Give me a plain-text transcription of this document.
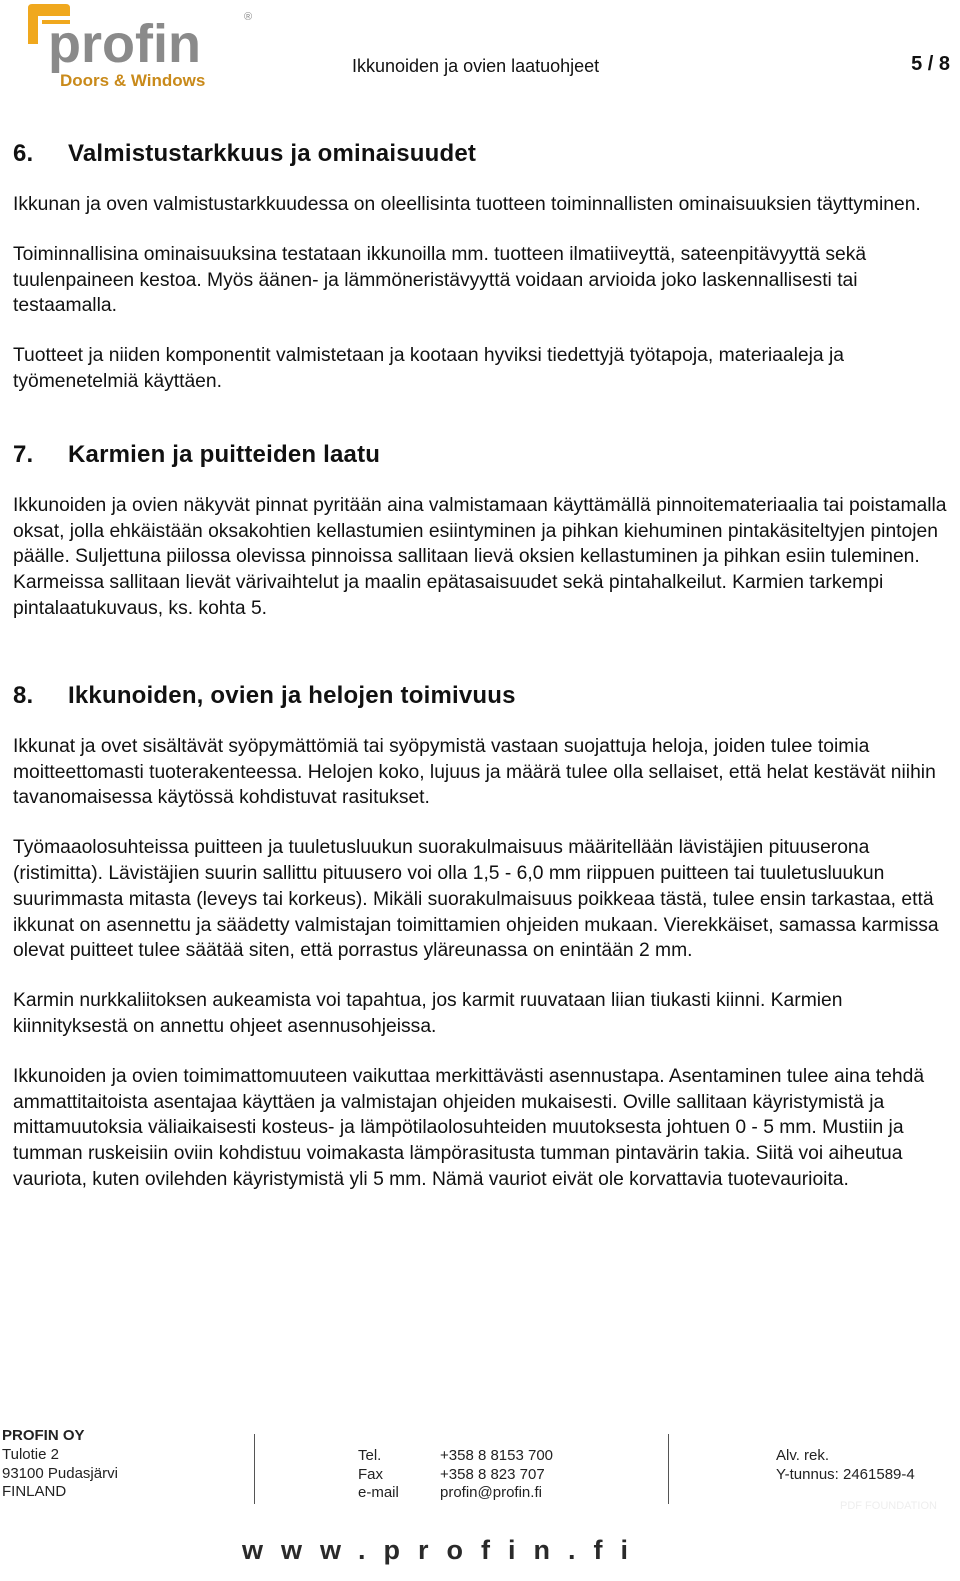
profin	®
Doors & Windows
Ikkunoiden ja ovien laatuohjeet	5 / 8
6. Valmistustarkkuus ja ominaisuudet

Ikkunan ja oven valmistustarkkuudessa on oleellisinta tuotteen toiminnallisten ominaisuuksien täyttyminen.

Toiminnallisina ominaisuuksina testataan ikkunoilla mm. tuotteen ilmatiiveyttä, sateenpitävyyttä sekä tuulenpaineen kestoa. Myös äänen- ja lämmöneristävyyttä voidaan arvioida joko laskennallisesti tai testaamalla.

Tuotteet ja niiden komponentit valmistetaan ja kootaan hyviksi tiedettyjä työtapoja, materiaaleja ja työmenetelmiä käyttäen.

7. Karmien ja puitteiden laatu

Ikkunoiden ja ovien näkyvät pinnat pyritään aina valmistamaan käyttämällä pinnoitemateriaalia tai poistamalla oksat, jolla ehkäistään oksakohtien kellastumien esiintyminen ja pihkan kiehuminen pintakäsiteltyjen pintojen päälle. Suljettuna piilossa olevissa pinnoissa sallitaan lievä oksien kellastuminen ja pihkan esiin tuleminen. Karmeissa sallitaan lievät värivaihtelut ja maalin epätasaisuudet sekä pintahalkeilut. Karmien tarkempi pintalaatukuvaus, ks. kohta 5.

8. Ikkunoiden, ovien ja helojen toimivuus

Ikkunat ja ovet sisältävät syöpymättömiä tai syöpymistä vastaan suojattuja heloja, joiden tulee toimia moitteettomasti tuoterakenteessa. Helojen koko, lujuus ja määrä tulee olla sellaiset, että helat kestävät niihin tavanomaisessa käytössä kohdistuvat rasitukset.

Työmaaolosuhteissa puitteen ja tuuletusluukun suorakulmaisuus määritellään lävistäjien pituuserona (ristimitta). Lävistäjien suurin sallittu pituusero voi olla 1,5 - 6,0 mm riippuen puitteen tai tuuletusluukun suurimmasta mitasta (leveys tai korkeus). Mikäli suorakulmaisuus poikkeaa tästä, tulee ensin tarkastaa, että ikkunat on asennettu ja säädetty valmistajan toimittamien ohjeiden mukaan. Vierekkäiset, samassa karmissa olevat puitteet tulee säätää siten, että porrastus yläreunassa on enintään 2 mm.

Karmin nurkkaliitoksen aukeamista voi tapahtua, jos karmit ruuvataan liian tiukasti kiinni. Karmien kiinnityksestä on annettu ohjeet asennusohjeissa.

Ikkunoiden ja ovien toimimattomuuteen vaikuttaa merkittävästi asennustapa. Asentaminen tulee aina tehdä ammattitaitoista asentajaa käyttäen ja valmistajan ohjeiden mukaisesti. Oville sallitaan käyristymistä ja mittamuutoksia väliaikaisesti kosteus- ja lämpötilaolosuhteiden muutoksesta johtuen 0 - 5 mm. Mustiin ja tumman ruskeisiin oviin kohdistuu voimakasta lämpörasitusta tumman pintavärin takia. Siitä voi aiheutua vauriota, kuten ovilehden käyristymistä yli 5 mm. Nämä vauriot eivät ole korvattavia tuotevaurioita.

PROFIN OY
Tulotie 2
93100 Pudasjärvi
FINLAND
Tel.
Fax
e-mail
+358 8 8153 700
+358 8 823 707
profin@profin.fi
Alv. rek.
Y-tunnus: 2461589-4
PDF FOUNDATION
www.profin.fi
